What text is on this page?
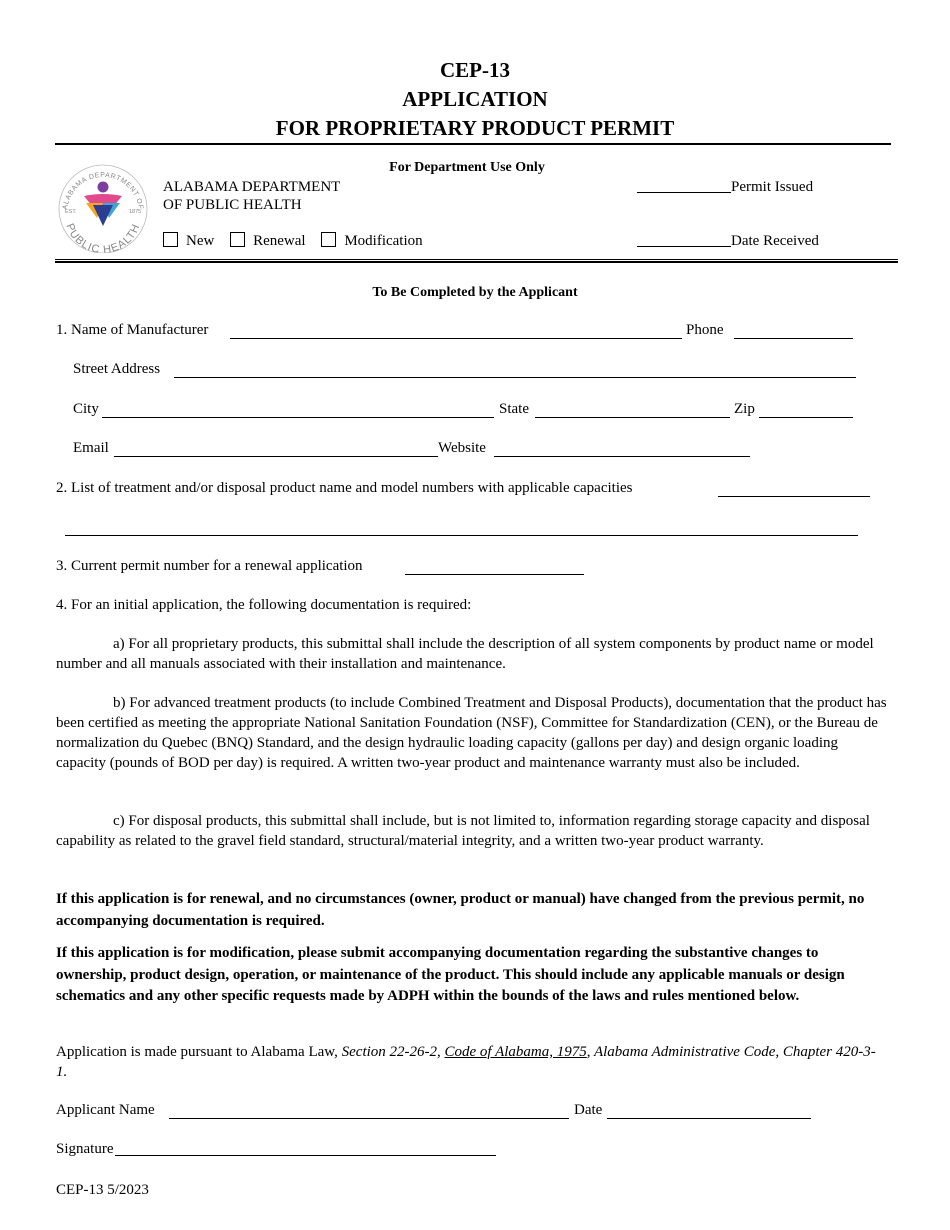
CEP-13
APPLICATION
FOR PROPRIETARY PRODUCT PERMIT
For Department Use Only
ALABAMA DEPARTMENT OF
PUBLIC HEALTH
EST.	1875
ALABAMA DEPARTMENT
OF PUBLIC HEALTH
New	Renewal	Modification
Permit Issued
Date Received
To Be Completed by the Applicant
1. Name of Manufacturer	Phone
Street Address
City	State	Zip
Email	Website
2. List of treatment and/or disposal product name and model numbers with applicable capacities
3. Current permit number for a renewal application
4. For an initial application, the following documentation is required:
a) For all proprietary products, this submittal shall include the description of all system components by product name or model number and all manuals associated with their installation and maintenance.
b) For advanced treatment products (to include Combined Treatment and Disposal Products), documentation that the product has been certified as meeting the appropriate National Sanitation Foundation (NSF), Committee for Standardization (CEN), or the Bureau de normalization du Quebec (BNQ) Standard, and the design hydraulic loading capacity (gallons per day) and design organic loading capacity (pounds of BOD per day) is required. A written two-year product and maintenance warranty must also be included.
c) For disposal products, this submittal shall include, but is not limited to, information regarding storage capacity and disposal capability as related to the gravel field standard, structural/material integrity, and a written two-year product warranty.
If this application is for renewal, and no circumstances (owner, product or manual) have changed from the previous permit, no accompanying documentation is required.
If this application is for modification, please submit accompanying documentation regarding the substantive changes to ownership, product design, operation, or maintenance of the product. This should include any applicable manuals or design schematics and any other specific requests made by ADPH within the bounds of the laws and rules mentioned below.
Application is made pursuant to Alabama Law, Section 22-26-2, Code of Alabama, 1975, Alabama Administrative Code, Chapter 420-3-1.
Applicant Name	Date
Signature
CEP-13 5/2023
